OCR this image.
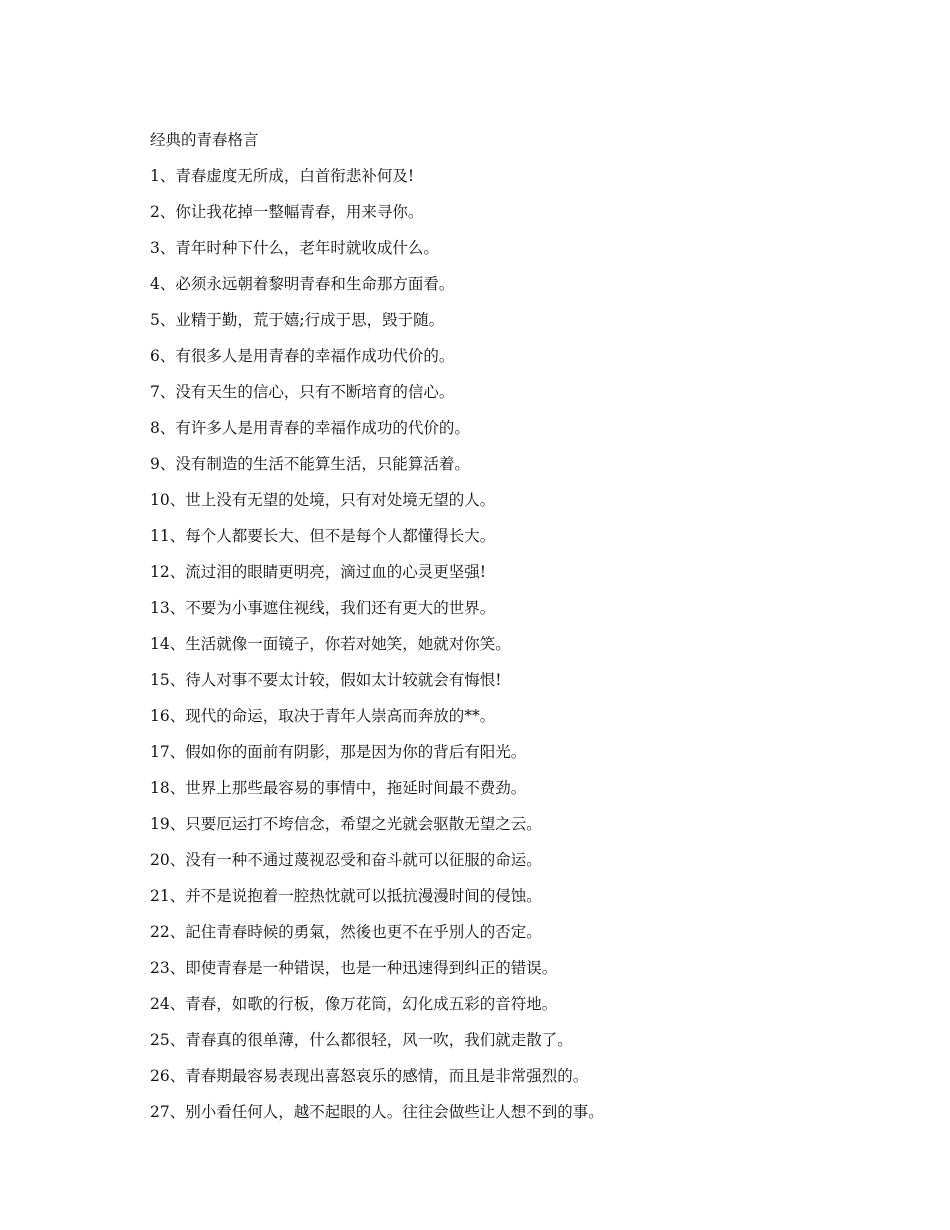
经典的青春格言
1、青春虚度无所成，白首衔悲补何及!
2、你让我花掉一整幅青春，用来寻你。
3、青年时种下什么，老年时就收成什么。
4、必须永远朝着黎明青春和生命那方面看。
5、业精于勤，荒于嬉;行成于思，毁于随。
6、有很多人是用青春的幸福作成功代价的。
7、没有天生的信心，只有不断培育的信心。
8、有许多人是用青春的幸福作成功的代价的。
9、没有制造的生活不能算生活，只能算活着。
10、世上没有无望的处境，只有对处境无望的人。
11、每个人都要长大、但不是每个人都懂得长大。
12、流过泪的眼睛更明亮，滴过血的心灵更坚强!
13、不要为小事遮住视线，我们还有更大的世界。
14、生活就像一面镜子，你若对她笑，她就对你笑。
15、待人对事不要太计较，假如太计较就会有悔恨!
16、现代的命运，取决于青年人崇高而奔放的**。
17、假如你的面前有阴影，那是因为你的背后有阳光。
18、世界上那些最容易的事情中，拖延时间最不费劲。
19、只要厄运打不垮信念，希望之光就会驱散无望之云。
20、没有一种不通过蔑视忍受和奋斗就可以征服的命运。
21、并不是说抱着一腔热忱就可以抵抗漫漫时间的侵蚀。
22、記住青春時候的勇氣，然後也更不在乎別人的否定。
23、即使青春是一种错误，也是一种迅速得到纠正的错误。
24、青春，如歌的行板，像万花筒，幻化成五彩的音符地。
25、青春真的很单薄，什么都很轻，风一吹，我们就走散了。
26、青春期最容易表现出喜怒哀乐的感情，而且是非常强烈的。
27、别小看任何人，越不起眼的人。往往会做些让人想不到的事。
